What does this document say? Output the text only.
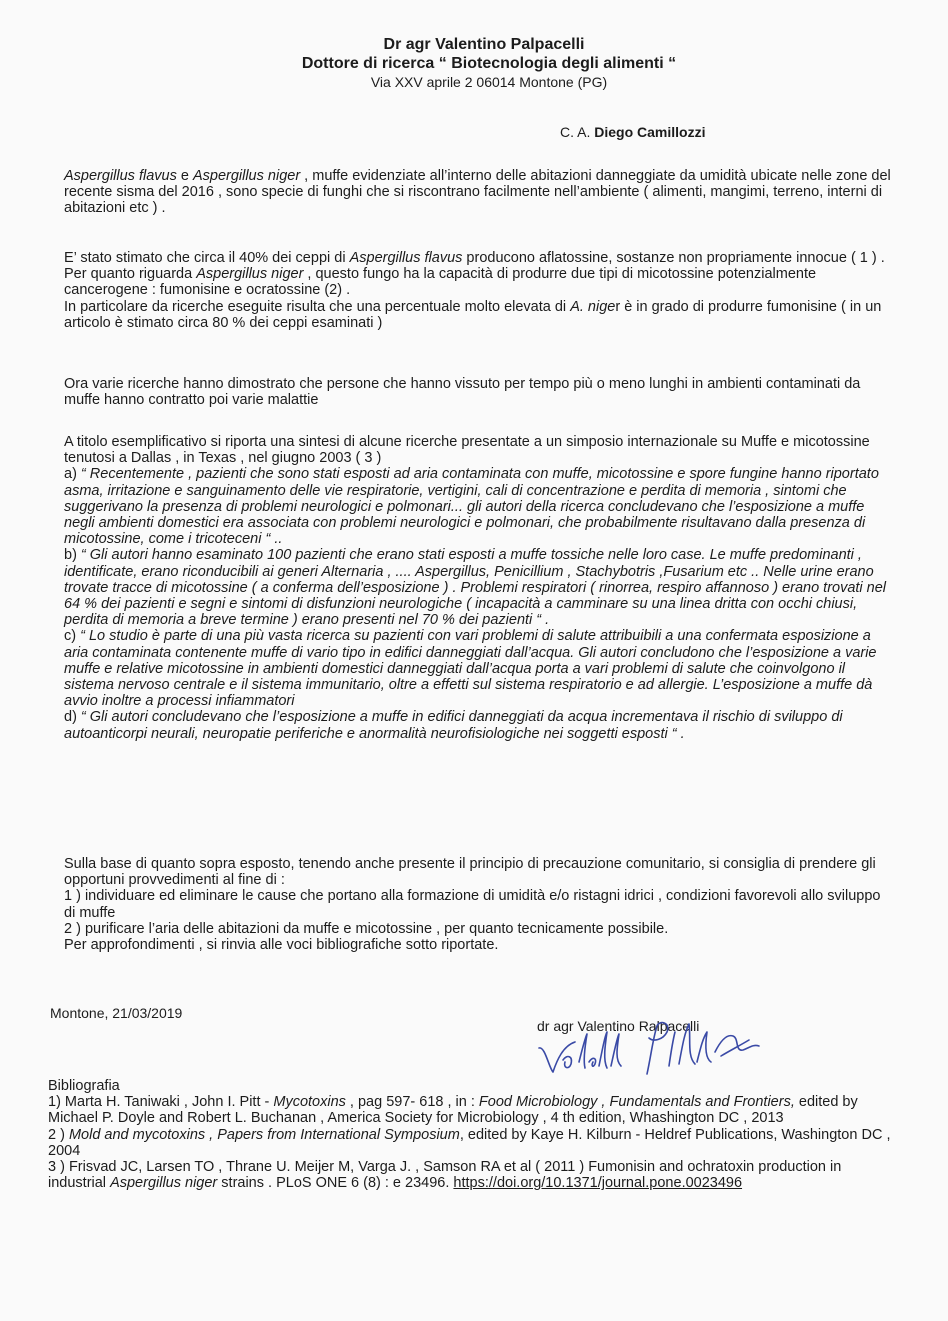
Dr agr Valentino Palpacelli
Dottore di ricerca “ Biotecnologia degli alimenti “
Via XXV aprile 2 06014 Montone (PG)
C. A. Diego Camillozzi

Aspergillus flavus e Aspergillus niger , muffe evidenziate all’interno delle abitazioni danneggiate da umidità ubicate nelle zone del recente sisma del 2016 , sono specie di funghi che si riscontrano facilmente nell’ambiente ( alimenti, mangimi, terreno, interni di abitazioni etc ) .

E’ stato stimato che circa il 40% dei ceppi di Aspergillus flavus producono aflatossine, sostanze non propriamente innocue ( 1 ) .

Per quanto riguarda Aspergillus niger , questo fungo ha la capacità di produrre due tipi di micotossine potenzialmente cancerogene : fumonisine e ocratossine (2) .

In particolare da ricerche eseguite risulta che una percentuale molto elevata di A. niger è in grado di produrre fumonisine ( in un articolo è stimato circa 80 % dei ceppi esaminati )

Ora varie ricerche hanno dimostrato che persone che hanno vissuto per tempo più o meno lunghi in ambienti contaminati da muffe hanno contratto poi varie malattie

A titolo esemplificativo si riporta una sintesi di alcune ricerche presentate a un simposio internazionale su Muffe e micotossine tenutosi a Dallas , in Texas , nel giugno 2003 ( 3 )

a) “ Recentemente , pazienti che sono stati esposti ad aria contaminata con muffe, micotossine e spore fungine hanno riportato asma, irritazione e sanguinamento delle vie respiratorie, vertigini, cali di concentrazione e perdita di memoria , sintomi che suggerivano la presenza di problemi neurologici e polmonari... gli autori della ricerca concludevano che l’esposizione a muffe negli ambienti domestici era associata con problemi neurologici e polmonari, che probabilmente risultavano dalla presenza di micotossine, come i tricoteceni “ ..

b) “ Gli autori hanno esaminato 100 pazienti che erano stati esposti a muffe tossiche nelle loro case. Le muffe predominanti , identificate, erano riconducibili ai generi Alternaria , .... Aspergillus, Penicillium , Stachybotris ,Fusarium etc .. Nelle urine erano trovate tracce di micotossine ( a conferma dell’esposizione ) . Problemi respiratori ( rinorrea, respiro affannoso ) erano trovati nel 64 % dei pazienti e segni e sintomi di disfunzioni neurologiche ( incapacità a camminare su una linea dritta con occhi chiusi, perdita di memoria a breve termine ) erano presenti nel 70 % dei pazienti “ .

c) “ Lo studio è parte di una più vasta ricerca su pazienti con vari problemi di salute attribuibili a una confermata esposizione a aria contaminata contenente muffe di vario tipo in edifici danneggiati dall’acqua. Gli autori concludono che l’esposizione a varie muffe e relative micotossine in ambienti domestici danneggiati dall’acqua porta a vari problemi di salute che coinvolgono il sistema nervoso centrale e il sistema immunitario, oltre a effetti sul sistema respiratorio e ad allergie. L’esposizione a muffe dà avvio inoltre a processi infiammatori

d) “ Gli autori concludevano che l’esposizione a muffe in edifici danneggiati da acqua incrementava il rischio di sviluppo di autoanticorpi neurali, neuropatie periferiche e anormalità neurofisiologiche nei soggetti esposti “ .

Sulla base di quanto sopra esposto, tenendo anche presente il principio di precauzione comunitario, si consiglia di prendere gli opportuni provvedimenti al fine di :

1 ) individuare ed eliminare le cause che portano alla formazione di umidità e/o ristagni idrici , condizioni favorevoli allo sviluppo di muffe

2 ) purificare l’aria delle abitazioni da muffe e micotossine , per quanto tecnicamente possibile.

Per approfondimenti , si rinvia alle voci bibliografiche sotto riportate.

Montone, 21/03/2019
dr agr Valentino Ralpacelli

Bibliografia

1) Marta H. Taniwaki , John I. Pitt - Mycotoxins , pag 597- 618 , in : Food Microbiology , Fundamentals and Frontiers, edited by Michael P. Doyle and Robert L. Buchanan , America Society for Microbiology , 4 th edition, Whashington DC , 2013

2 ) Mold and mycotoxins , Papers from International Symposium, edited by Kaye H. Kilburn - Heldref Publications, Washington DC , 2004

3 ) Frisvad JC, Larsen TO , Thrane U. Meijer M, Varga J. , Samson RA et al ( 2011 ) Fumonisin and ochratoxin production in industrial Aspergillus niger strains . PLoS ONE 6 (8) : e 23496. https://doi.org/10.1371/journal.pone.0023496
